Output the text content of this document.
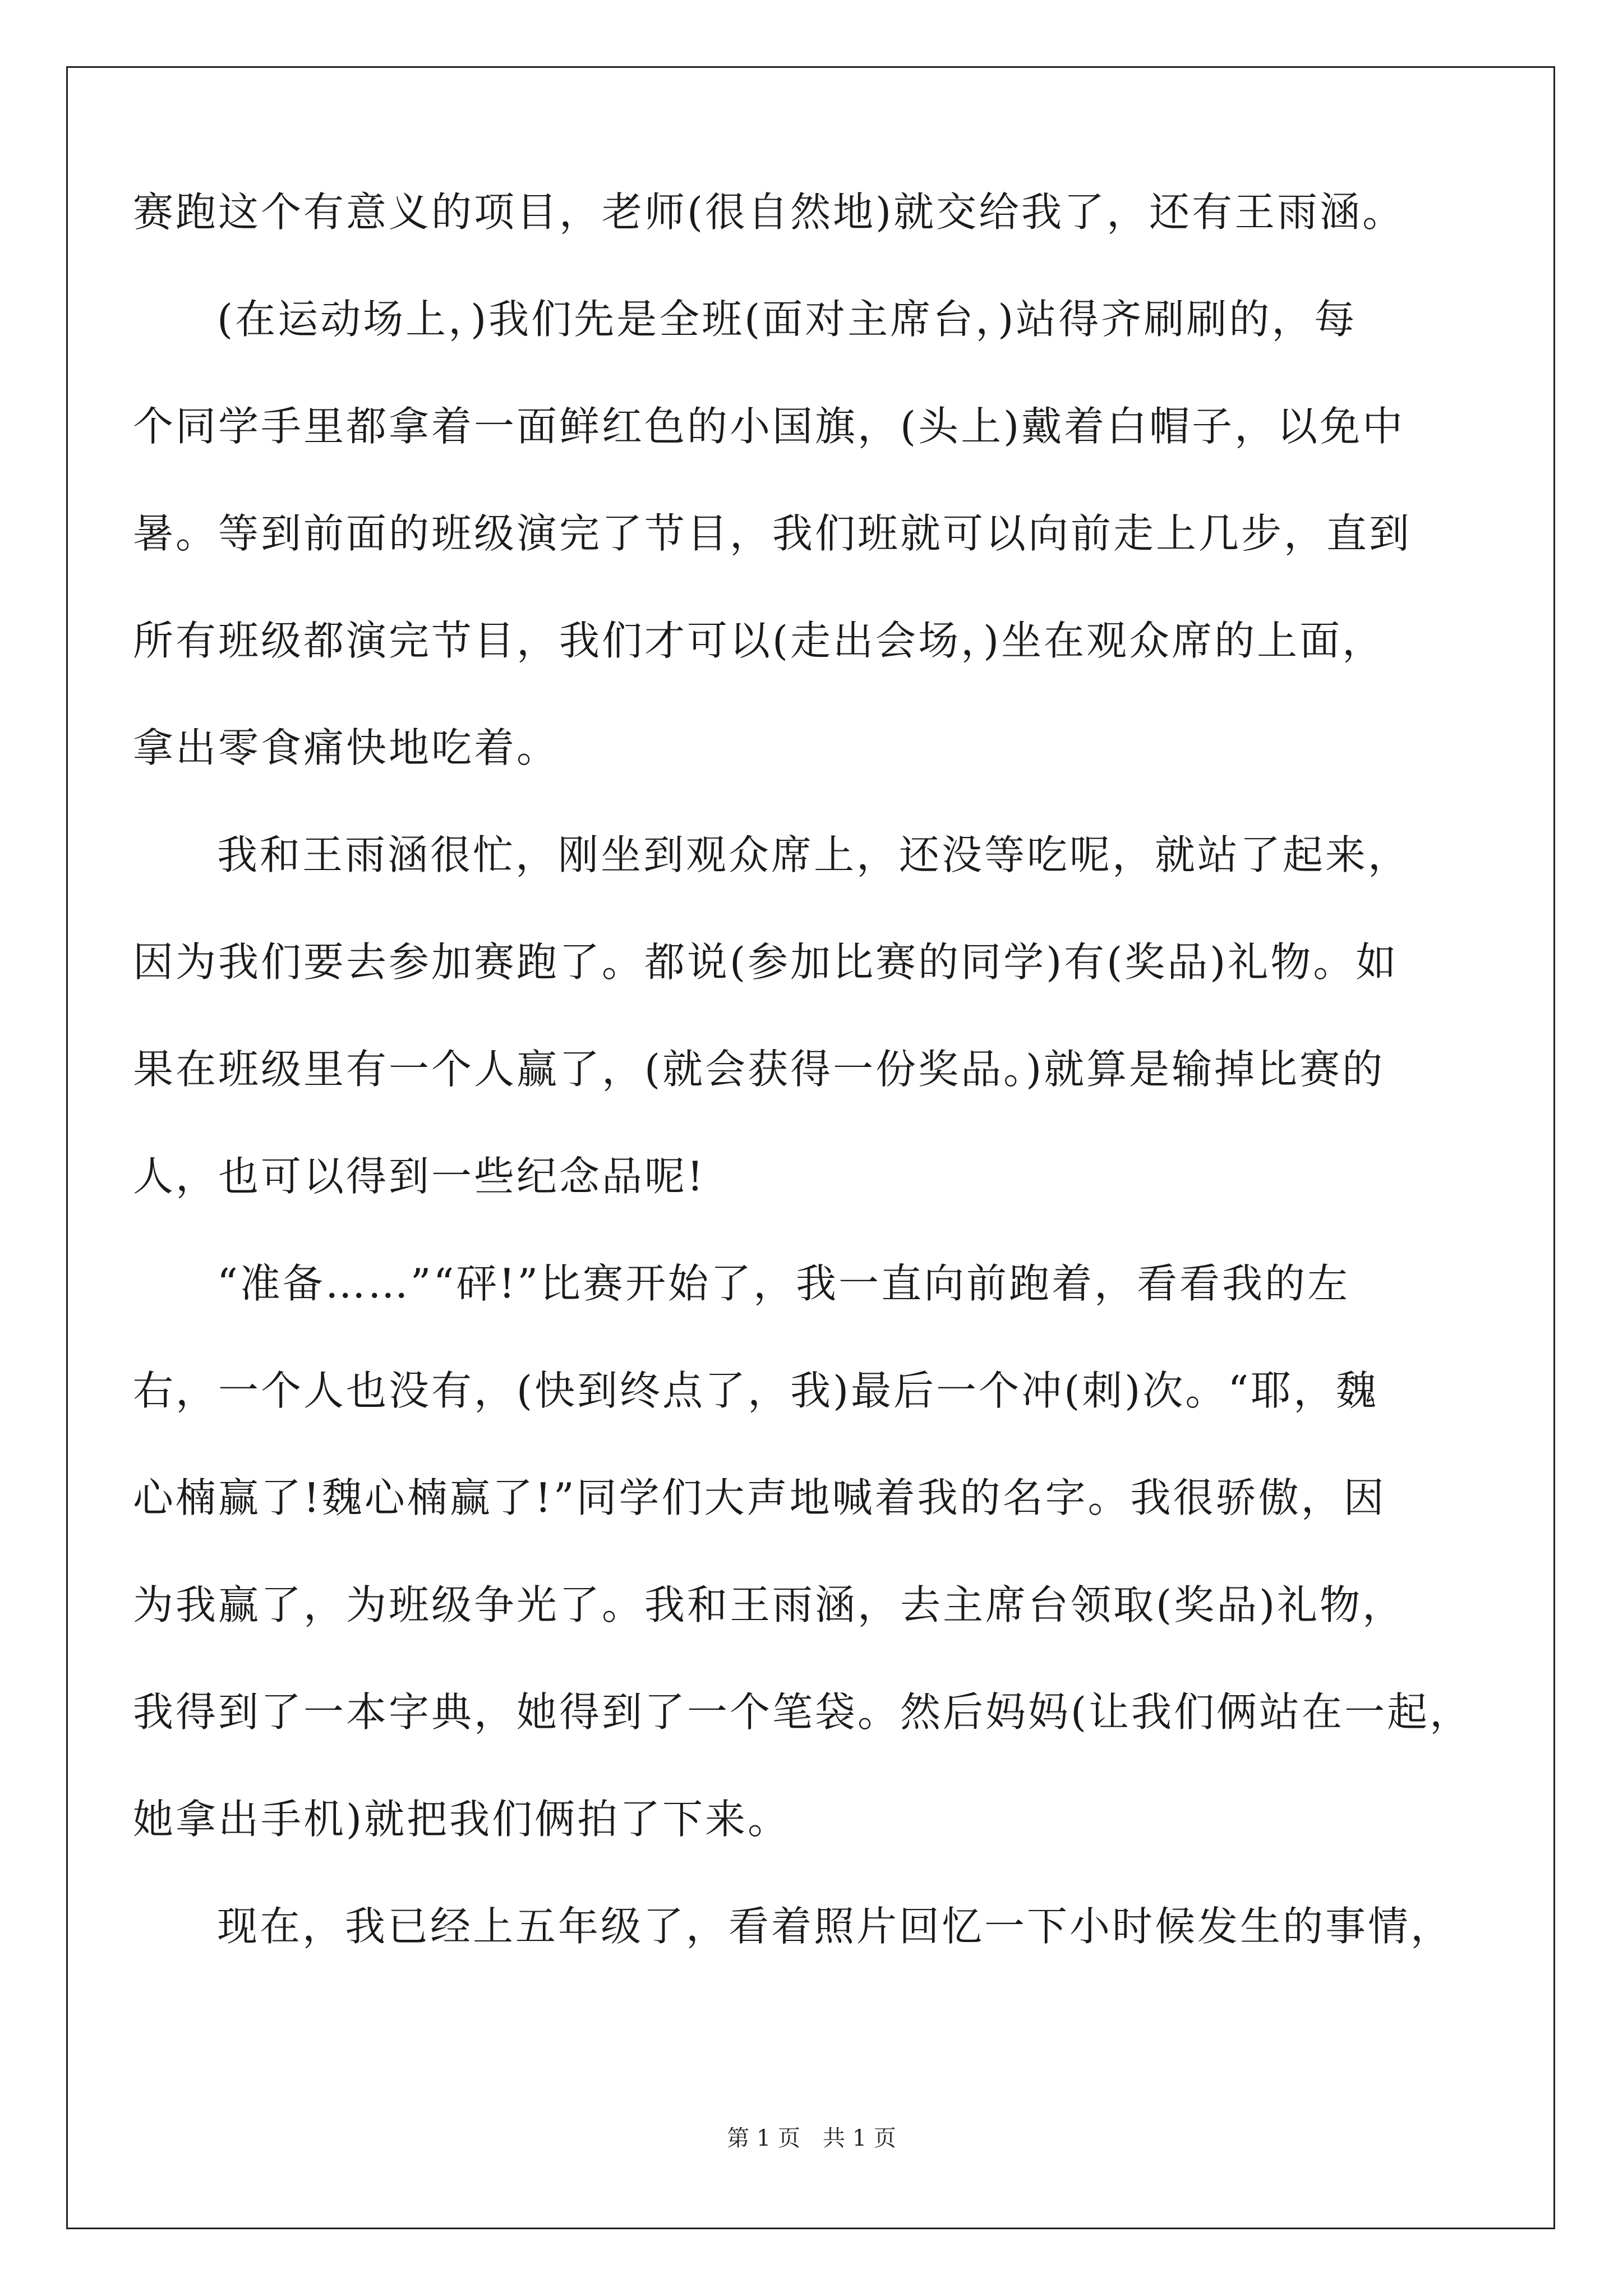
赛跑这个有意义的项目，老师(很自然地)就交给我了，还有王雨涵。
(在运动场上，)我们先是全班(面对主席台，)站得齐刷刷的，每
个同学手里都拿着一面鲜红色的小国旗，(头上)戴着白帽子，以免中
暑。等到前面的班级演完了节目，我们班就可以向前走上几步，直到
所有班级都演完节目，我们才可以(走出会场，)坐在观众席的上面，
拿出零食痛快地吃着。
我和王雨涵很忙，刚坐到观众席上，还没等吃呢，就站了起来，
因为我们要去参加赛跑了。都说(参加比赛的同学)有(奖品)礼物。如
果在班级里有一个人赢了，(就会获得一份奖品。)就算是输掉比赛的
人，也可以得到一些纪念品呢!
“准备……”“砰!”比赛开始了，我一直向前跑着，看看我的左
右，一个人也没有，(快到终点了，我)最后一个冲(刺)次。“耶，魏
心楠赢了!魏心楠赢了!”同学们大声地喊着我的名字。我很骄傲，因
为我赢了，为班级争光了。我和王雨涵，去主席台领取(奖品)礼物，
我得到了一本字典，她得到了一个笔袋。然后妈妈(让我们俩站在一起，
她拿出手机)就把我们俩拍了下来。
现在，我已经上五年级了，看着照片回忆一下小时候发生的事情，
第 1 页　共 1 页
